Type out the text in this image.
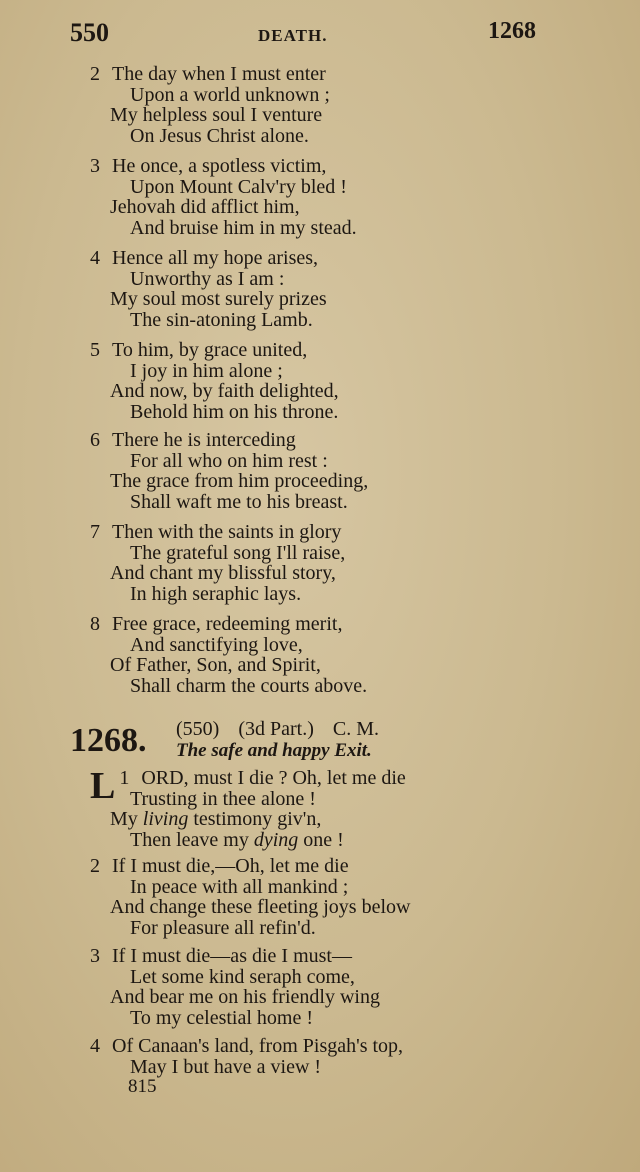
550	DEATH.	1268
2 The day when I must enter
Upon a world unknown ;
My helpless soul I venture
On Jesus Christ alone.
3 He once, a spotless victim,
Upon Mount Calv'ry bled !
Jehovah did afflict him,
And bruise him in my stead.
4 Hence all my hope arises,
Unworthy as I am :
My soul most surely prizes
The sin-atoning Lamb.
5 To him, by grace united,
I joy in him alone ;
And now, by faith delighted,
Behold him on his throne.
6 There he is interceding
For all who on him rest :
The grace from him proceeding,
Shall waft me to his breast.
7 Then with the saints in glory
The grateful song I'll raise,
And chant my blissful story,
In high seraphic lays.
8 Free grace, redeeming merit,
And sanctifying love,
Of Father, Son, and Spirit,
Shall charm the courts above.
1268. (550) (3d Part.) C. M.
The safe and happy Exit.
1
L ORD, must I die ? Oh, let me die
Trusting in thee alone !
My living testimony giv'n,
Then leave my dying one !
2 If I must die,—Oh, let me die
In peace with all mankind ;
And change these fleeting joys below
For pleasure all refin'd.
3 If I must die—as die I must—
Let some kind seraph come,
And bear me on his friendly wing
To my celestial home !
4 Of Canaan's land, from Pisgah's top,
May I but have a view !
815
